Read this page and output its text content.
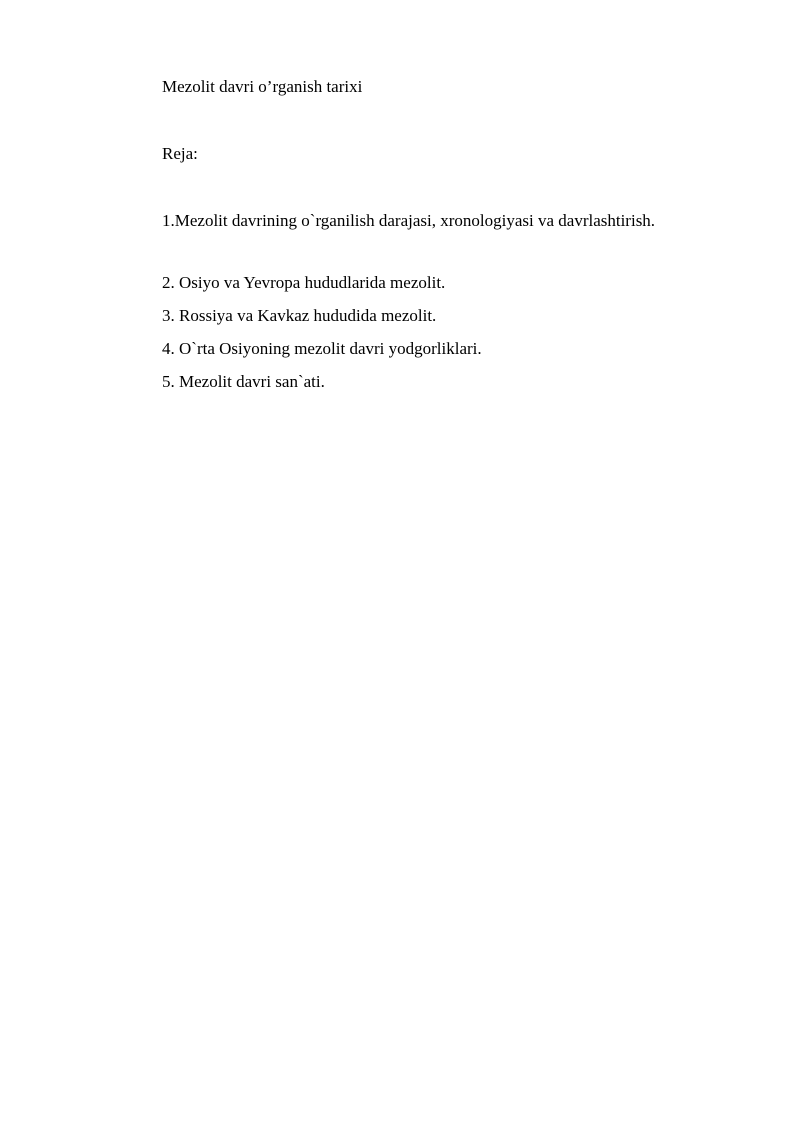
Mezolit davri o’rganish tarixi
Reja:

1.Mezolit davrining o`rganilish darajasi, xronologiyasi va davrlashtirish.

2. Osiyo va Yevropa hududlarida mezolit.
3. Rossiya va Kavkaz hududida mezolit.
4. O`rta Osiyoning mezolit davri yodgorliklari.
5. Mezolit davri san`ati.
